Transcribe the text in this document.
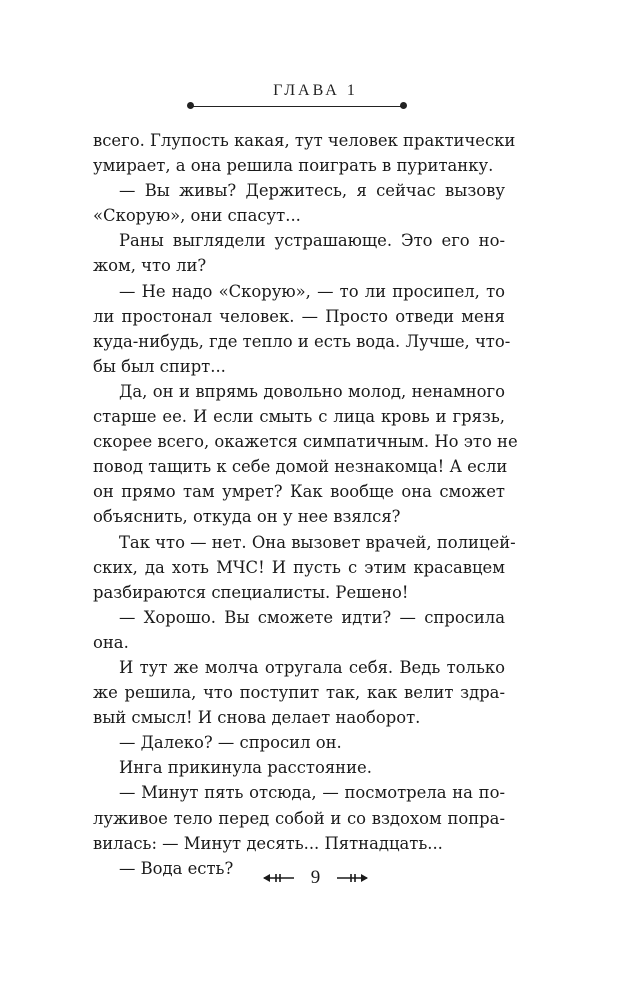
ГЛАВА 1
всего. Глупость какая, тут человек практически
умирает, а она решила поиграть в пуританку.
— Вы живы? Держитесь, я сейчас вызову
«Скорую», они спасут...
Раны выглядели устрашающе. Это его но-
жом, что ли?
— Не надо «Скорую», — то ли просипел, то
ли простонал человек. — Просто отведи меня
куда-нибудь, где тепло и есть вода. Лучше, что-
бы был спирт...
Да, он и впрямь довольно молод, ненамного
старше ее. И если смыть с лица кровь и грязь,
скорее всего, окажется симпатичным. Но это не
повод тащить к себе домой незнакомца! А если
он прямо там умрет? Как вообще она сможет
объяснить, откуда он у нее взялся?
Так что — нет. Она вызовет врачей, полицей-
ских, да хоть МЧС! И пусть с этим красавцем
разбираются специалисты. Решено!
— Хорошо. Вы сможете идти? — спросила
она.
И тут же молча отругала себя. Ведь только
же решила, что поступит так, как велит здра-
вый смысл! И снова делает наоборот.
— Далеко? — спросил он.
Инга прикинула расстояние.
— Минут пять отсюда, — посмотрела на по-
луживое тело перед собой и со вздохом попра-
вилась: — Минут десять... Пятнадцать...
— Вода есть?	9
